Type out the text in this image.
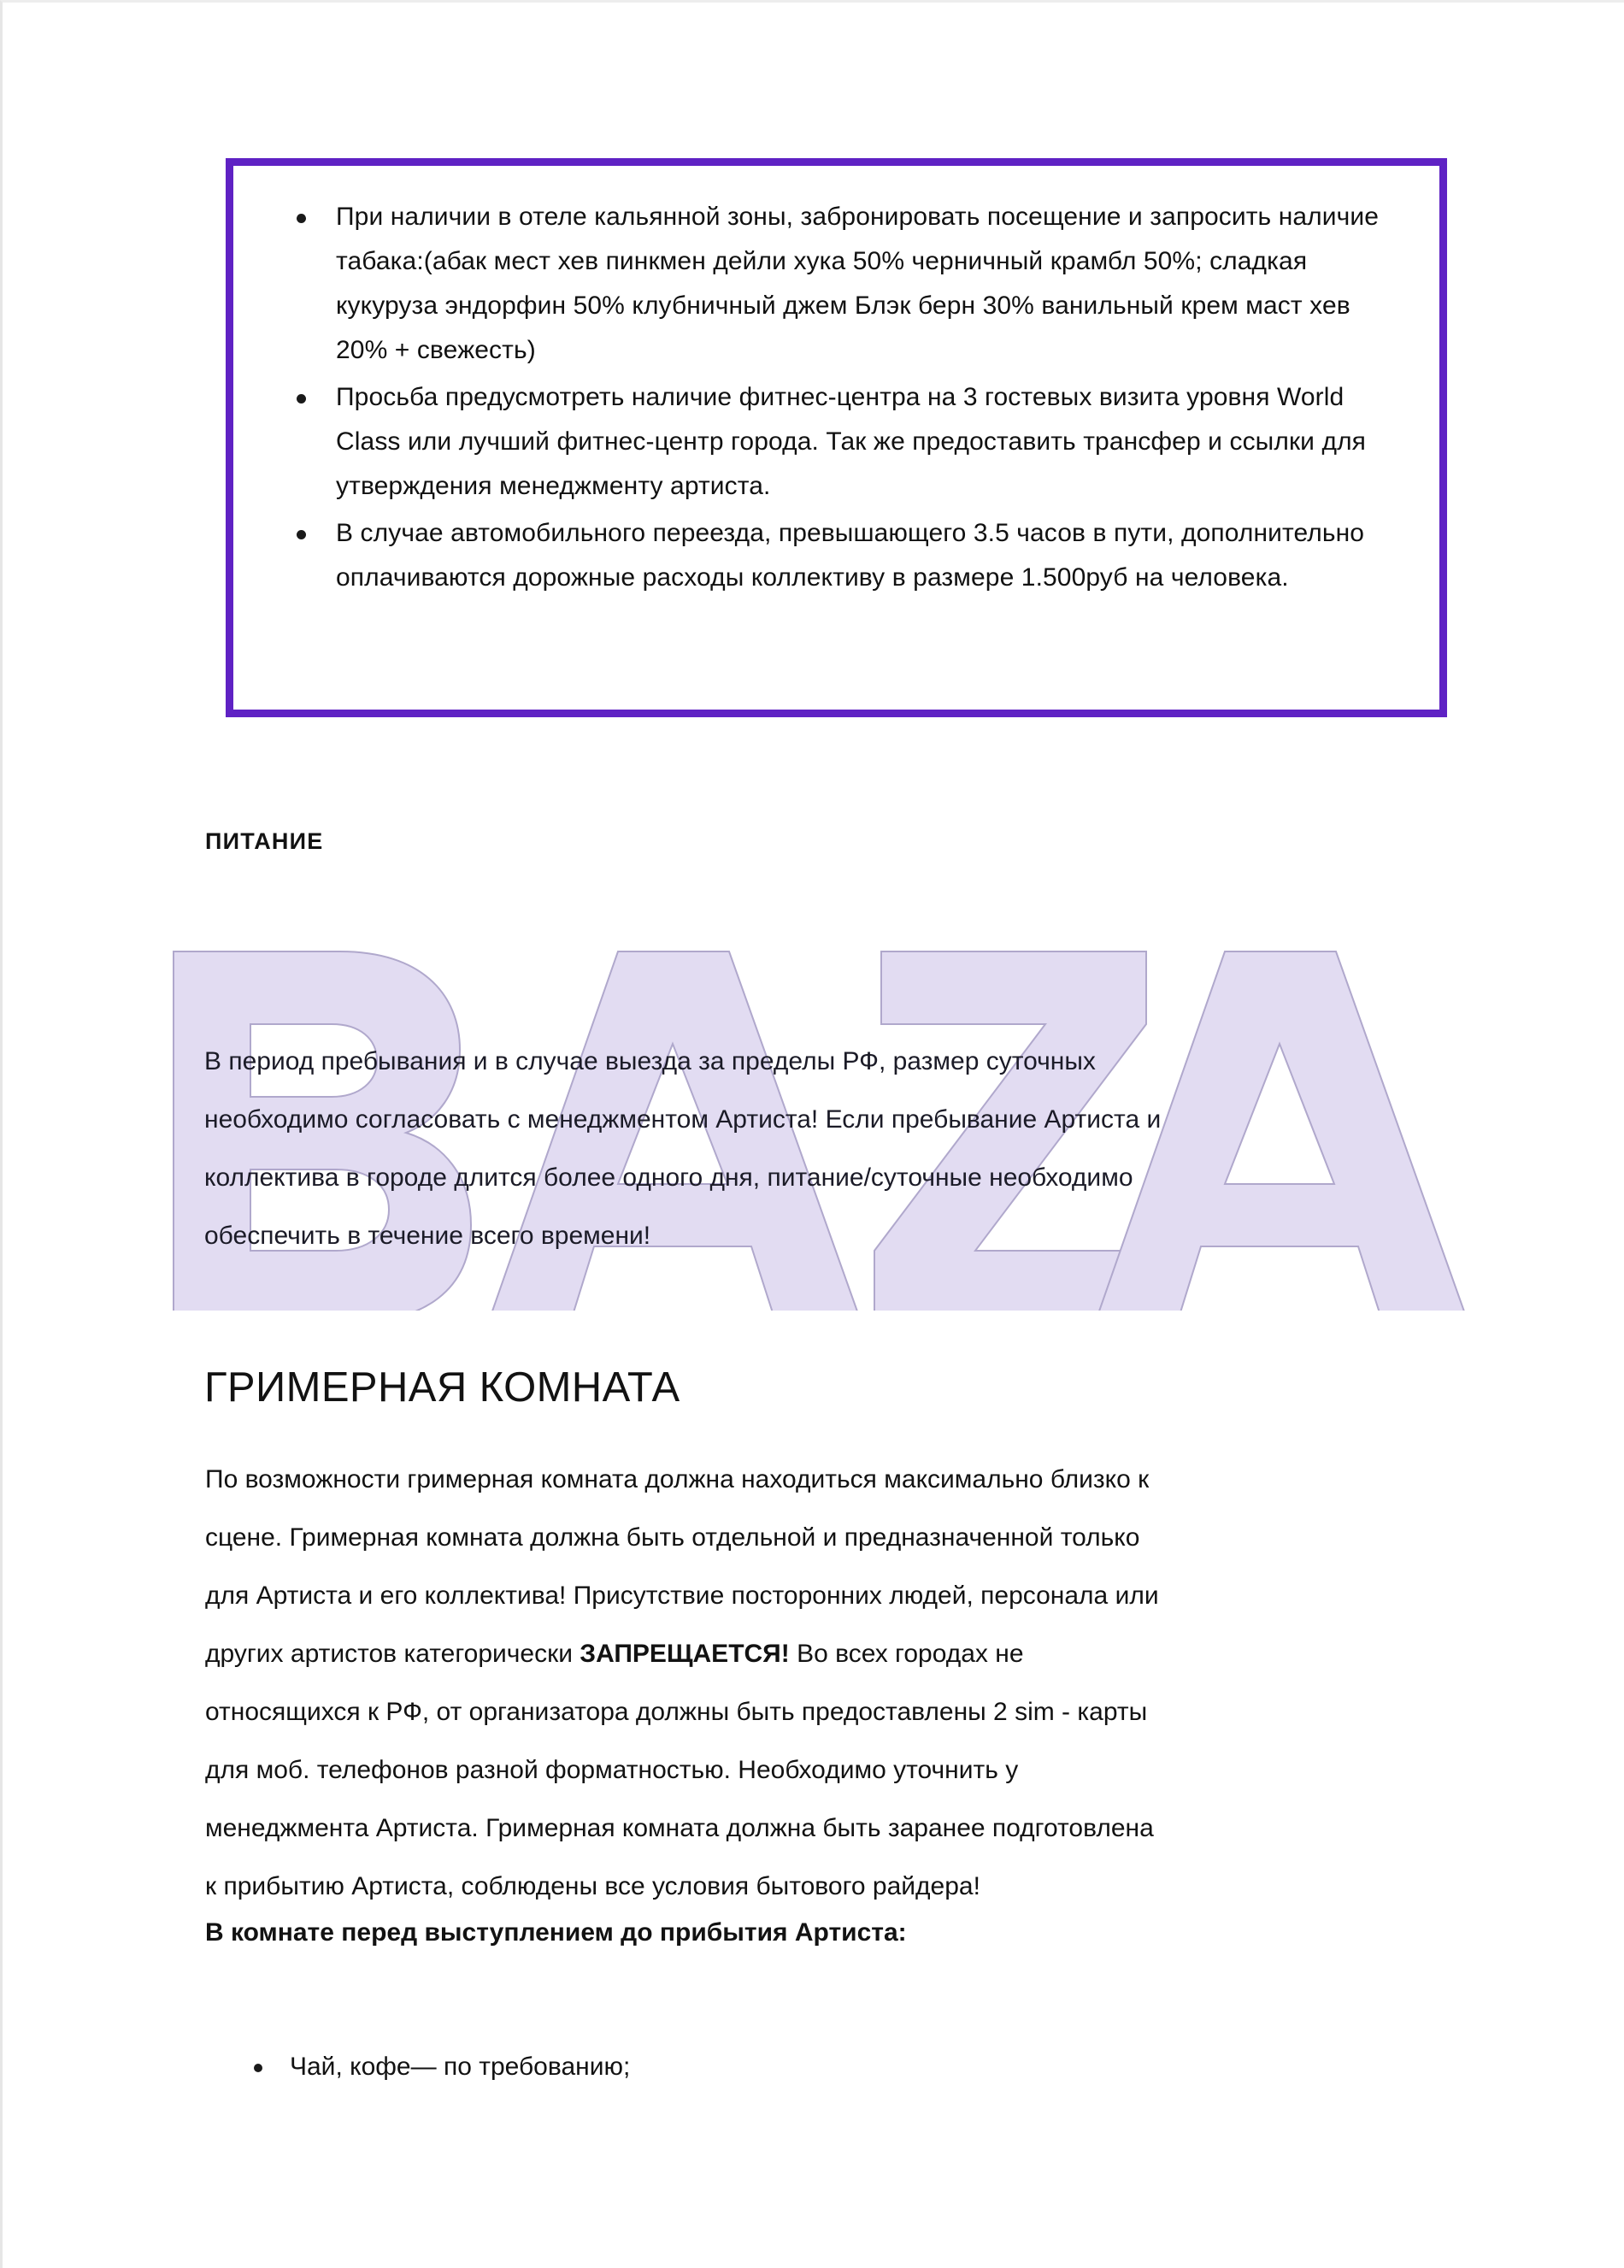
При наличии в отеле кальянной зоны, забронировать посещение и запросить наличие табака:(абак мест хев пинкмен дейли хука 50% черничный крамбл 50%; сладкая кукуруза эндорфин 50% клубничный джем Блэк берн 30% ванильный крем маст хев 20% + свежесть)
Просьба предусмотреть наличие фитнес-центра на 3 гостевых визита уровня World Class или лучший фитнес-центр города. Так же предоставить трансфер и ссылки для утверждения менеджменту артиста.
В случае автомобильного переезда, превышающего 3.5 часов в пути, дополнительно оплачиваются дорожные расходы коллективу в размере 1.500руб на человека.
ПИТАНИЕ

В период пребывания и в случае выезда за пределы РФ, размер суточных

необходимо согласовать с менеджментом Артиста! Если пребывание Артиста и

коллектива в городе длится более одного дня, питание/суточные необходимо

обеспечить в течение всего времени!

ГРИМЕРНАЯ КОМНАТА

По возможности гримерная комната должна находиться максимально близко к

сцене. Гримерная комната должна быть отдельной и предназначенной только

для Артиста и его коллектива! Присутствие посторонних людей, персонала или

других артистов категорически ЗАПРЕЩАЕТСЯ! Во всех городах не

относящихся к РФ, от организатора должны быть предоставлены 2 sim - карты

для моб. телефонов разной форматностью. Необходимо уточнить у

менеджмента Артиста. Гримерная комната должна быть заранее подготовлена

к прибытию Артиста, соблюдены все условия бытового райдера!

В комнате перед выступлением до прибытия Артиста:
Чай, кофе— по требованию;
